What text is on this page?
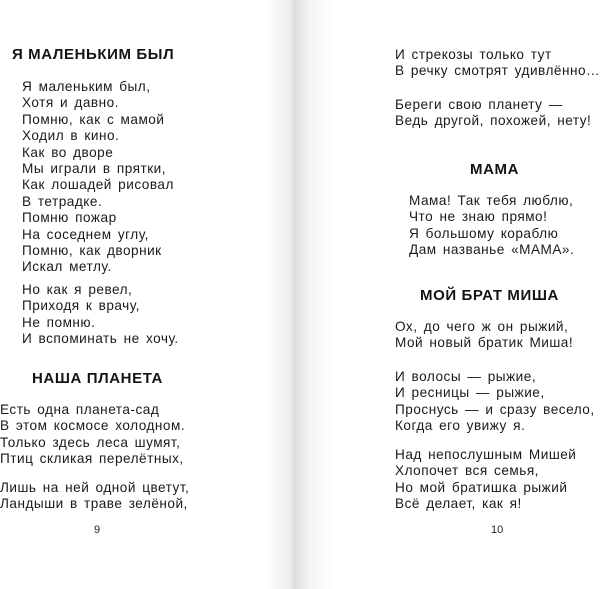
Я МАЛЕНЬКИМ БЫЛ
Я маленьким был,
Хотя и давно.
Помню, как с мамой
Ходил в кино.
Как во дворе
Мы играли в прятки,
Как лошадей рисовал
В тетрадке.
Помню пожар
На соседнем углу,
Помню, как дворник
Искал метлу.
Но как я ревел,
Приходя к врачу,
Не помню.
И вспоминать не хочу.
НАША ПЛАНЕТА
Есть одна планета-сад
В этом космосе холодном.
Только здесь леса шумят,
Птиц скликая перелётных,
Лишь на ней одной цветут,
Ландыши в траве зелёной,
9
И стрекозы только тут
В речку смотрят удивлённо…
Береги свою планету —
Ведь другой, похожей, нету!
МАМА
Мама! Так тебя люблю,
Что не знаю прямо!
Я большому кораблю
Дам названье «МАМА».
МОЙ БРАТ МИША
Ох, до чего ж он рыжий,
Мой новый братик Миша!
И волосы — рыжие,
И ресницы — рыжие,
Проснусь — и сразу весело,
Когда его увижу я.
Над непослушным Мишей
Хлопочет вся семья,
Но мой братишка рыжий
Всё делает, как я!
10
